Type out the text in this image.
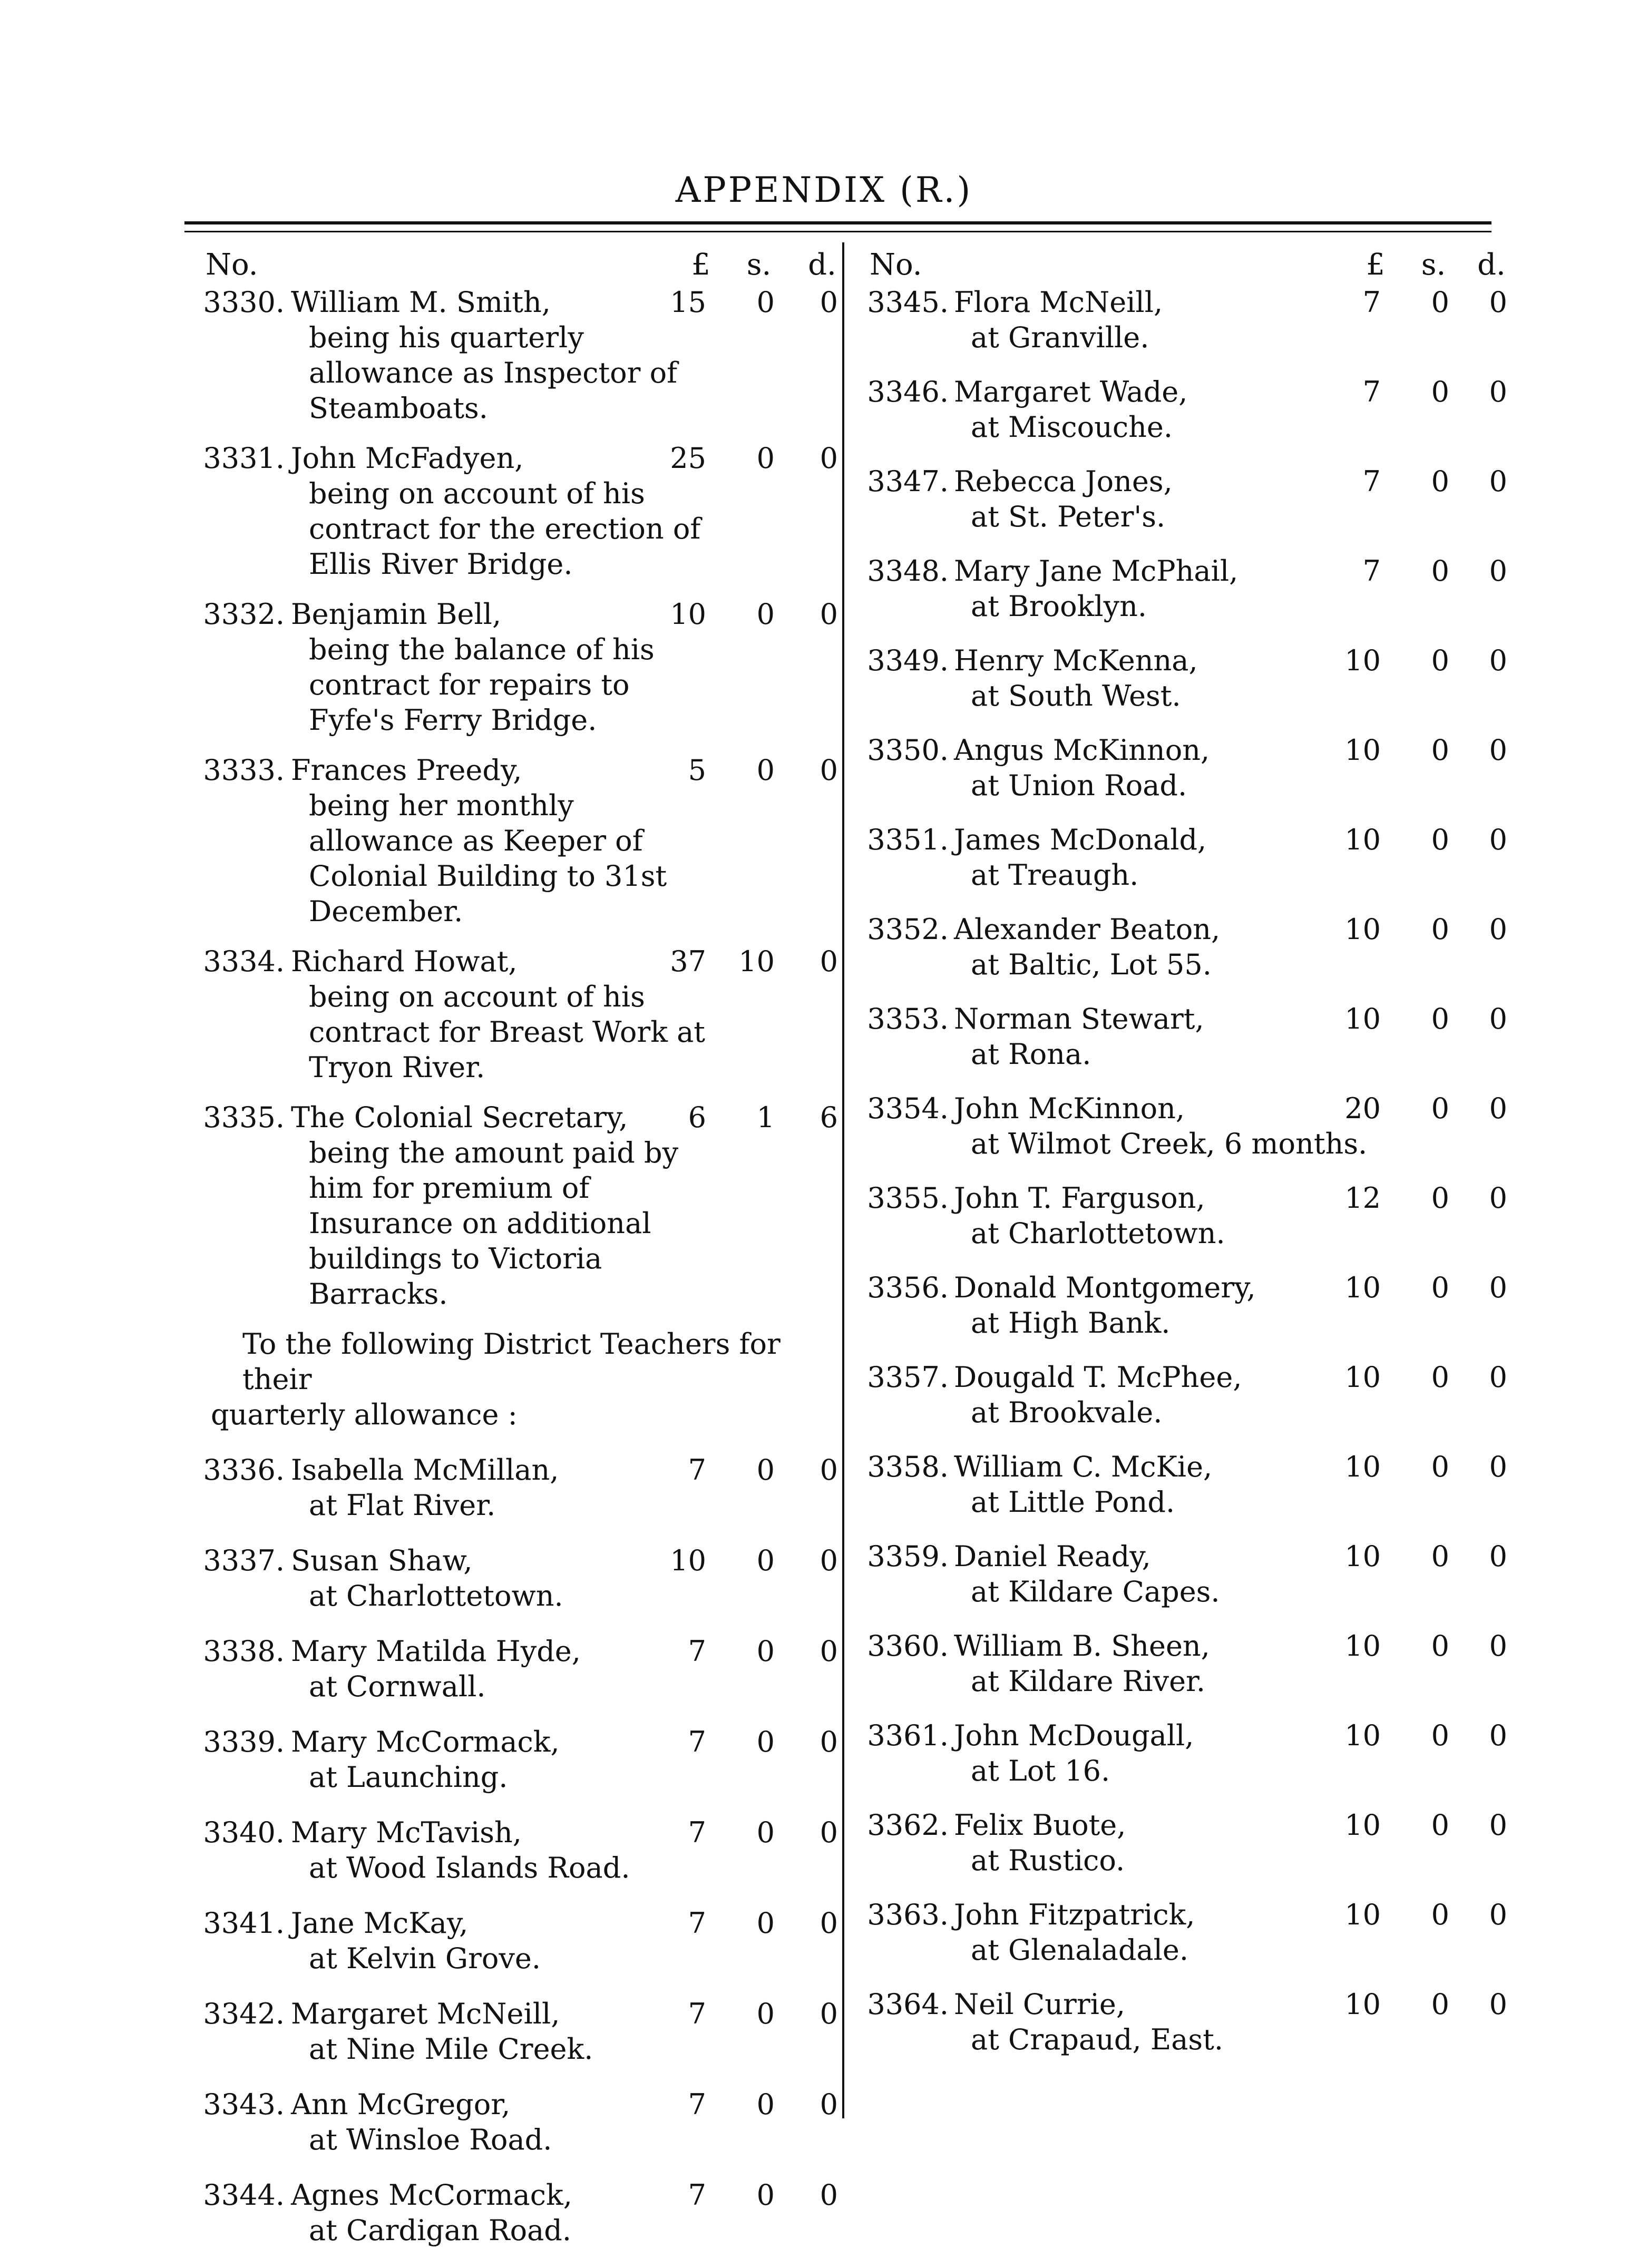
APPENDIX (R.)
No.	£ s. d.
3330. William M. Smith,
being his quarterly allowance as Inspector of Steamboats.
15	0	0
3331. John McFadyen,
being on account of his contract for the erection of Ellis River Bridge.
25	0	0
3332. Benjamin Bell,
being the balance of his contract for repairs to Fyfe's Ferry Bridge.
10	0	0
3333. Frances Preedy,
being her monthly allowance as Keeper of Colonial Building to 31st December.
5	0	0
3334. Richard Howat,
being on account of his contract for Breast Work at Tryon River.
37 10	0
3335. The Colonial Secretary,
being the amount paid by him for premium of Insurance on additional buildings to Victoria Barracks.
6	1	6
To the following District Teachers for their
quarterly allowance :
3336. Isabella McMillan,
at Flat River.
7	0	0
3337. Susan Shaw,
at Charlottetown.
10	0	0
3338. Mary Matilda Hyde,
at Cornwall.
7	0	0
3339. Mary McCormack,
at Launching.
7	0	0
3340. Mary McTavish,
at Wood Islands Road.
7	0	0
3341. Jane McKay,
at Kelvin Grove.
7	0	0
3342. Margaret McNeill,
at Nine Mile Creek.
7	0	0
3343. Ann McGregor,
at Winsloe Road.
7	0	0
3344. Agnes McCormack,
at Cardigan Road.
7	0	0
No.	£ s. d.
3345. Flora McNeill,
at Granville.
7	0	0
3346. Margaret Wade,
at Miscouche.
7	0	0
3347. Rebecca Jones,
at St. Peter's.
7	0	0
3348. Mary Jane McPhail,
at Brooklyn.
7	0	0
3349. Henry McKenna,
at South West.
10	0	0
3350. Angus McKinnon,
at Union Road.
10	0	0
3351. James McDonald,
at Treaugh.
10	0	0
3352. Alexander Beaton,
at Baltic, Lot 55.
10	0	0
3353. Norman Stewart,
at Rona.
10	0	0
3354. John McKinnon,
at Wilmot Creek, 6 months.
20	0	0
3355. John T. Farguson,
at Charlottetown.
12	0	0
3356. Donald Montgomery,
at High Bank.
10	0	0
3357. Dougald T. McPhee,
at Brookvale.
10	0	0
3358. William C. McKie,
at Little Pond.
10	0	0
3359. Daniel Ready,
at Kildare Capes.
10	0	0
3360. William B. Sheen,
at Kildare River.
10	0	0
3361. John McDougall,
at Lot 16.
10	0	0
3362. Felix Buote,
at Rustico.
10	0	0
3363. John Fitzpatrick,
at Glenaladale.
10	0	0
3364. Neil Currie,
at Crapaud, East.
10	0	0
